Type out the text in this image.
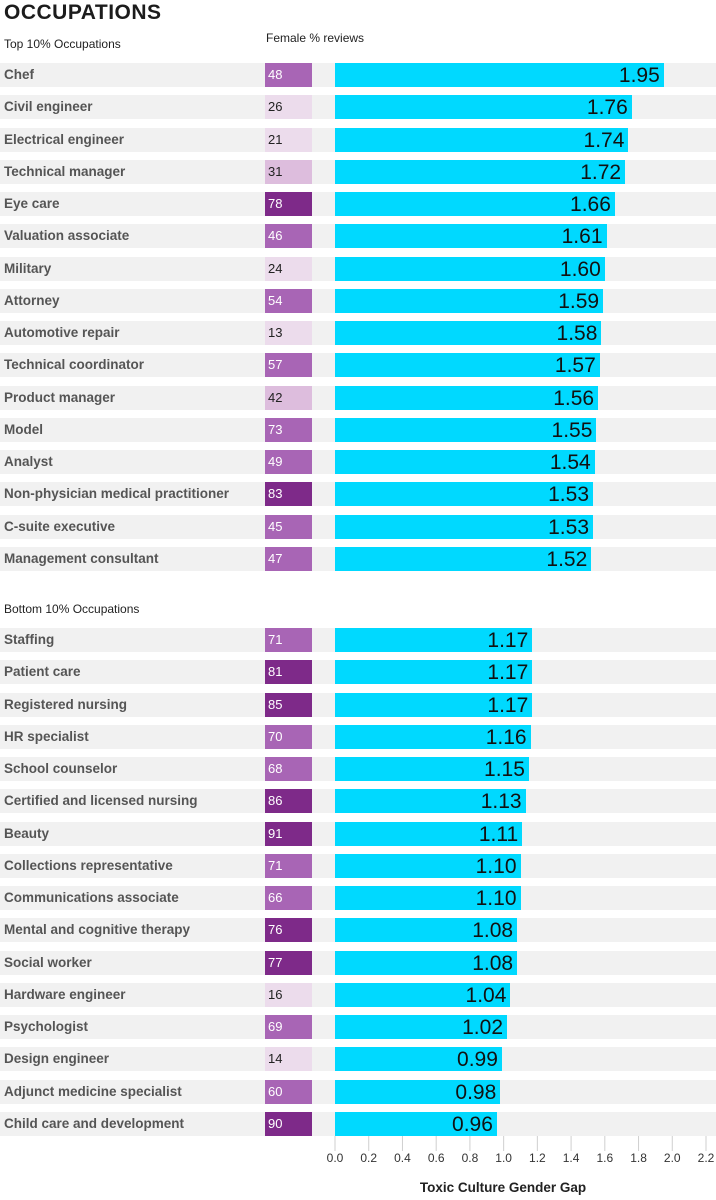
OCCUPATIONS
Female % reviews
Top 10% Occupations
Bottom 10% Occupations
Chef	48	1.95
Civil engineer	26	1.76
Electrical engineer	21	1.74
Technical manager	31	1.72
Eye care	78	1.66
Valuation associate	46	1.61
Military	24	1.60
Attorney	54	1.59
Automotive repair	13	1.58
Technical coordinator	57	1.57
Product manager	42	1.56
Model	73	1.55
Analyst	49	1.54
Non-physician medical practitioner	83	1.53
C-suite executive	45	1.53
Management consultant	47	1.52
Staffing	71	1.17
Patient care	81	1.17
Registered nursing	85	1.17
HR specialist	70	1.16
School counselor	68	1.15
Certified and licensed nursing	86	1.13
Beauty	91	1.11
Collections representative	71	1.10
Communications associate	66	1.10
Mental and cognitive therapy	76	1.08
Social worker	77	1.08
Hardware engineer	16	1.04
Psychologist	69	1.02
Design engineer	14	0.99
Adjunct medicine specialist	60	0.98
Child care and development	90	0.96
0.0 0.2 0.4 0.6 0.8 1.0 1.2 1.4 1.6 1.8 2.0 2.2
Toxic Culture Gender Gap
